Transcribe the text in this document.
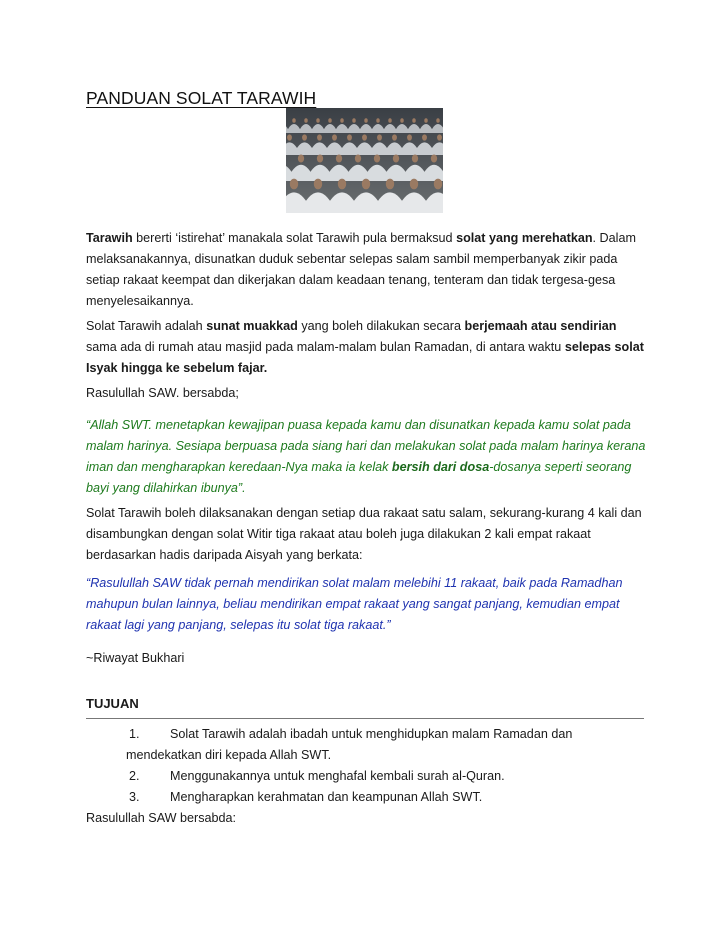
PANDUAN SOLAT TARAWIH

Tarawih bererti ‘istirehat’ manakala solat Tarawih pula bermaksud solat yang merehatkan. Dalam melaksanakannya, disunatkan duduk sebentar selepas salam sambil memperbanyak zikir pada setiap rakaat keempat dan dikerjakan dalam keadaan tenang, tenteram dan tidak tergesa-gesa menyelesaikannya.

Solat Tarawih adalah sunat muakkad yang boleh dilakukan secara berjemaah atau sendirian sama ada di rumah atau masjid pada malam-malam bulan Ramadan, di antara waktu selepas solat Isyak hingga ke sebelum fajar.

Rasulullah SAW. bersabda;

“Allah SWT. menetapkan kewajipan puasa kepada kamu dan disunatkan kepada kamu solat pada malam harinya. Sesiapa berpuasa pada siang hari dan melakukan solat pada malam harinya kerana iman dan mengharapkan keredaan-Nya maka ia kelak bersih dari dosa-dosanya seperti seorang bayi yang dilahirkan ibunya”.

Solat Tarawih boleh dilaksanakan dengan setiap dua rakaat satu salam, sekurang-kurang 4 kali dan disambungkan dengan solat Witir tiga rakaat atau boleh juga dilakukan 2 kali empat rakaat berdasarkan hadis daripada Aisyah yang berkata:

“Rasulullah SAW tidak pernah mendirikan solat malam melebihi 11 rakaat, baik pada Ramadhan mahupun bulan lainnya, beliau mendirikan empat rakaat yang sangat panjang, kemudian empat rakaat lagi yang panjang, selepas itu solat tiga rakaat.”

~Riwayat Bukhari

TUJUAN
1.	Solat Tarawih adalah ibadah untuk menghidupkan malam Ramadan dan mendekatkan diri kepada Allah SWT.
2.	Menggunakannya untuk menghafal kembali surah al-Quran.
3.	Mengharapkan kerahmatan dan keampunan Allah SWT.

Rasulullah SAW bersabda:
